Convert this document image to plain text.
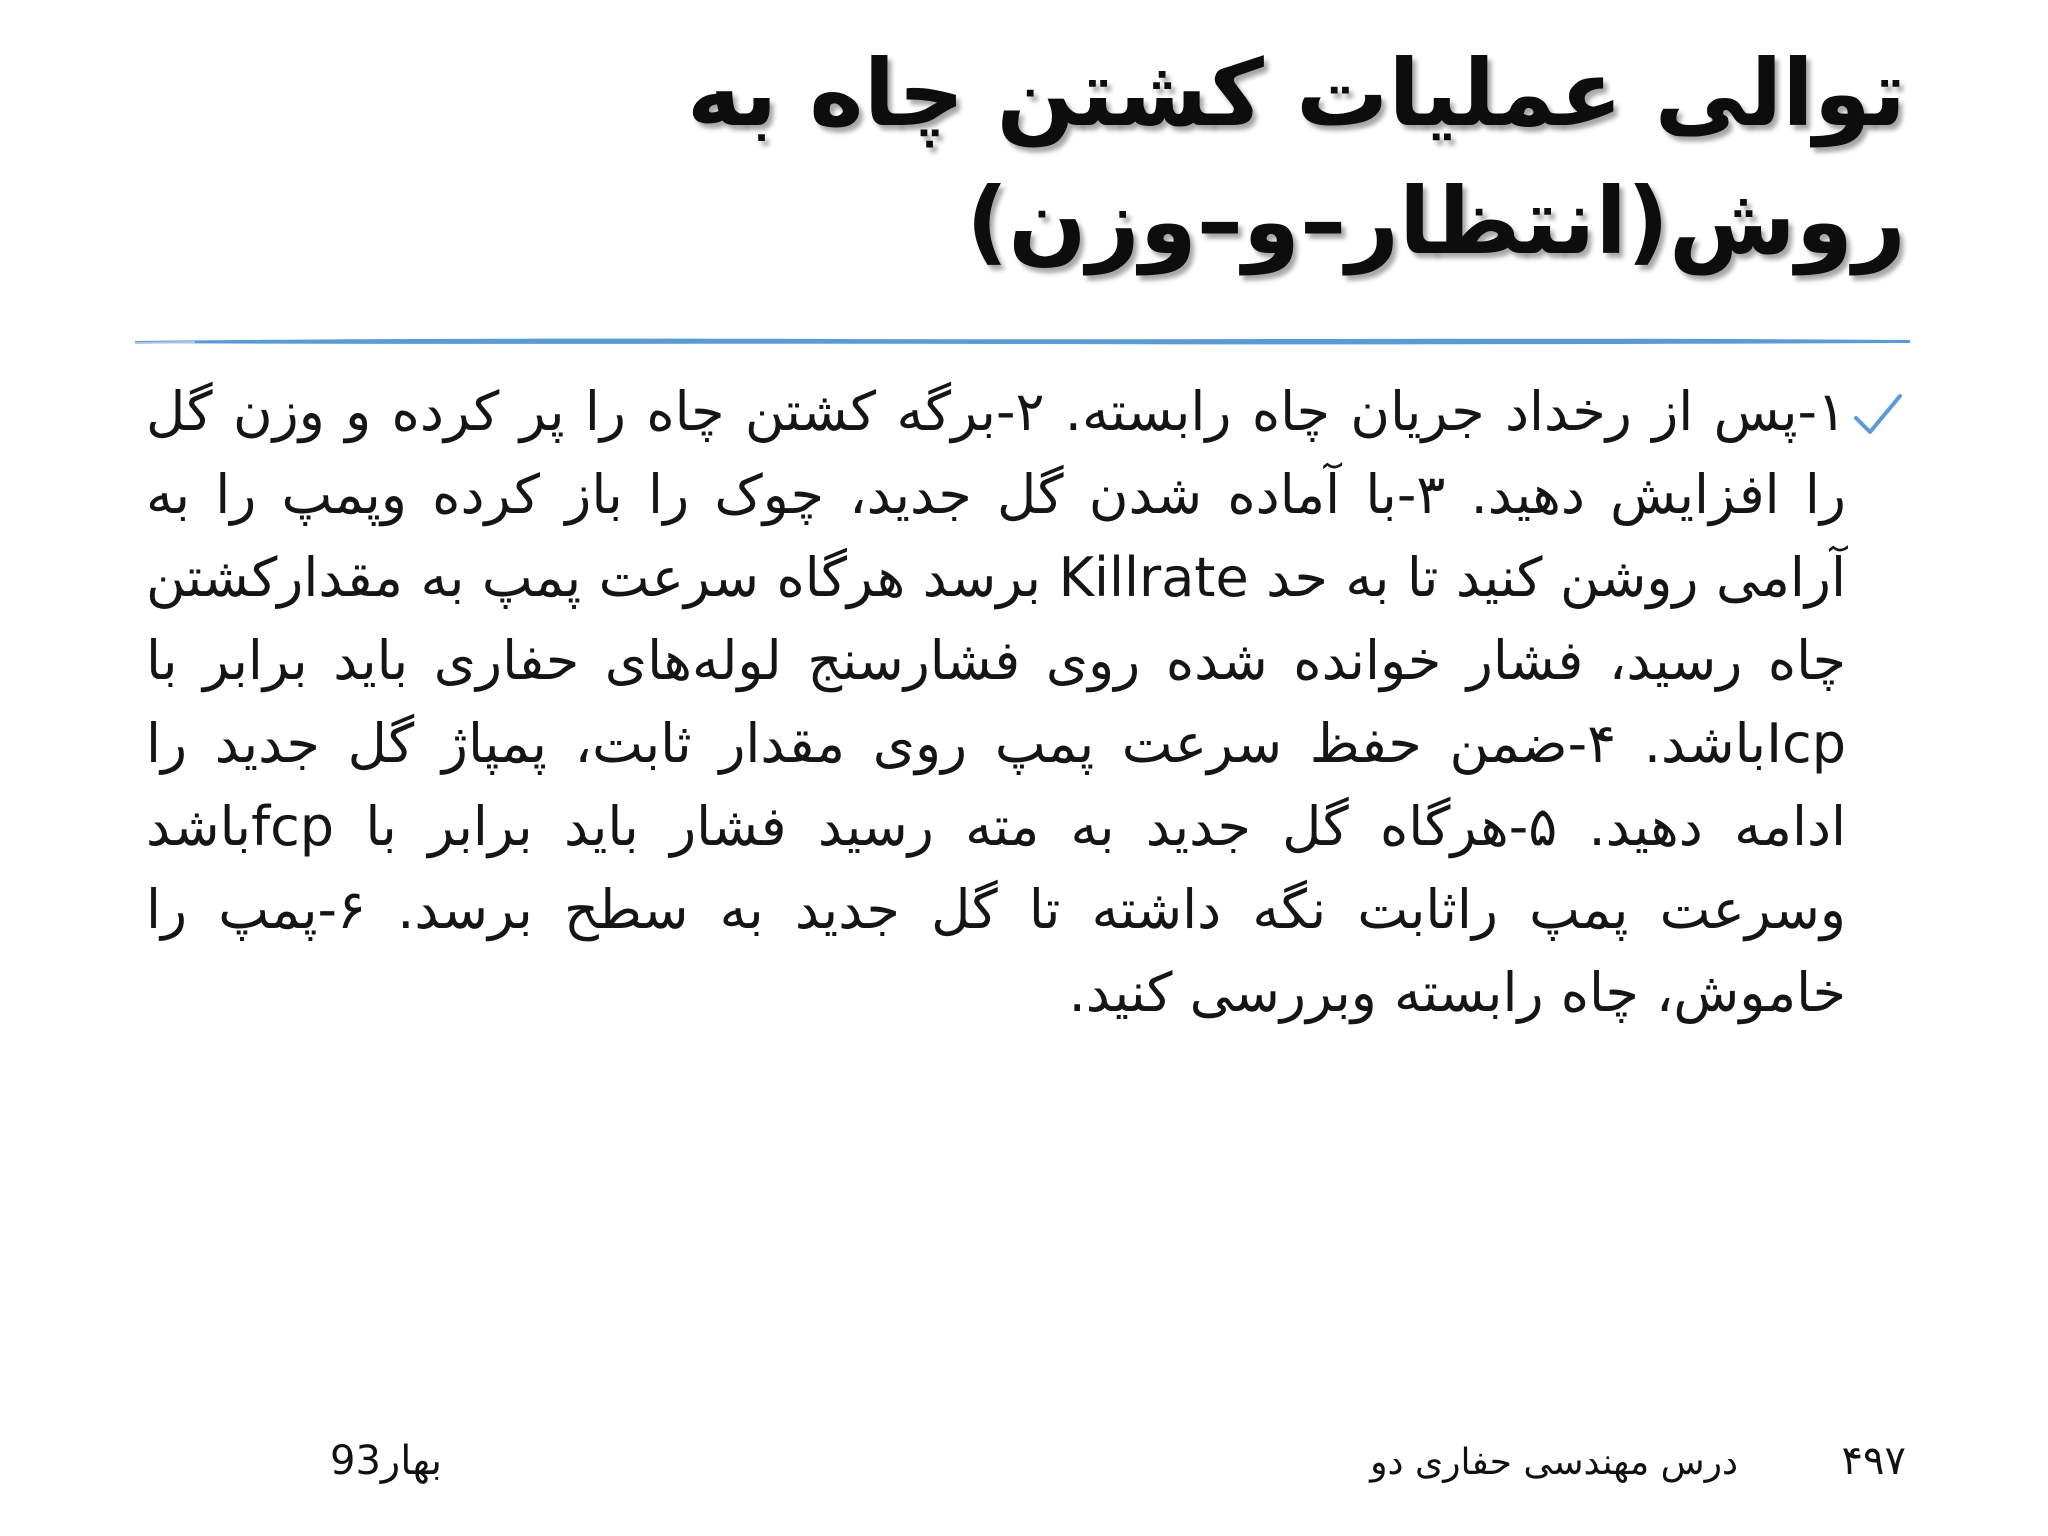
توالی عملیات کشتن چاه به روش(انتظار–و–وزن)

۱-پس از رخداد جریان چاه رابسته. ۲-برگه کشتن چاه را پر کرده و وزن گل را افزایش دهید. ۳-با آماده شدن گل جدید، چوک را باز کرده وپمپ را به آرامی روشن کنید تا به حد Killrate برسد هرگاه سرعت پمپ به مقدارکشتن چاه رسید، فشار خوانده شده روی فشارسنج لوله‌های حفاری باید برابر با Icpباشد. ۴-ضمن حفظ سرعت پمپ روی مقدار ثابت، پمپاژ گل جدید را ادامه دهید. ۵-هرگاه گل جدید به مته رسید فشار باید برابر با fcpباشد وسرعت پمپ راثابت نگه داشته تا گل جدید به سطح برسد. ۶-پمپ را خاموش، چاه رابسته وبررسی کنید.

۴۹۷
درس مهندسی حفاری دو
بهار93
